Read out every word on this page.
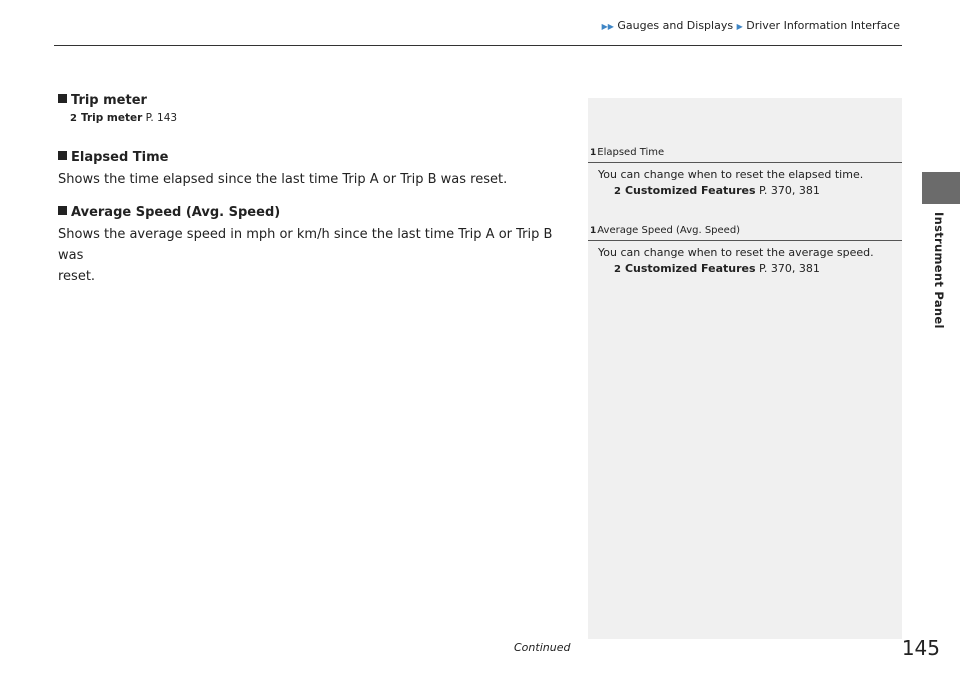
▶▶ Gauges and Displays ▶ Driver Information Interface
Instrument Panel

Trip meter

2 Trip meter P. 143

Elapsed Time

Shows the time elapsed since the last time Trip A or Trip B was reset.

Average Speed (Avg. Speed)

Shows the average speed in mph or km/h since the last time Trip A or Trip B was
reset.

1Elapsed Time
You can change when to reset the elapsed time.
2 Customized Features P. 370, 381
1Average Speed (Avg. Speed)
You can change when to reset the average speed.
2 Customized Features P. 370, 381
Continued	145
